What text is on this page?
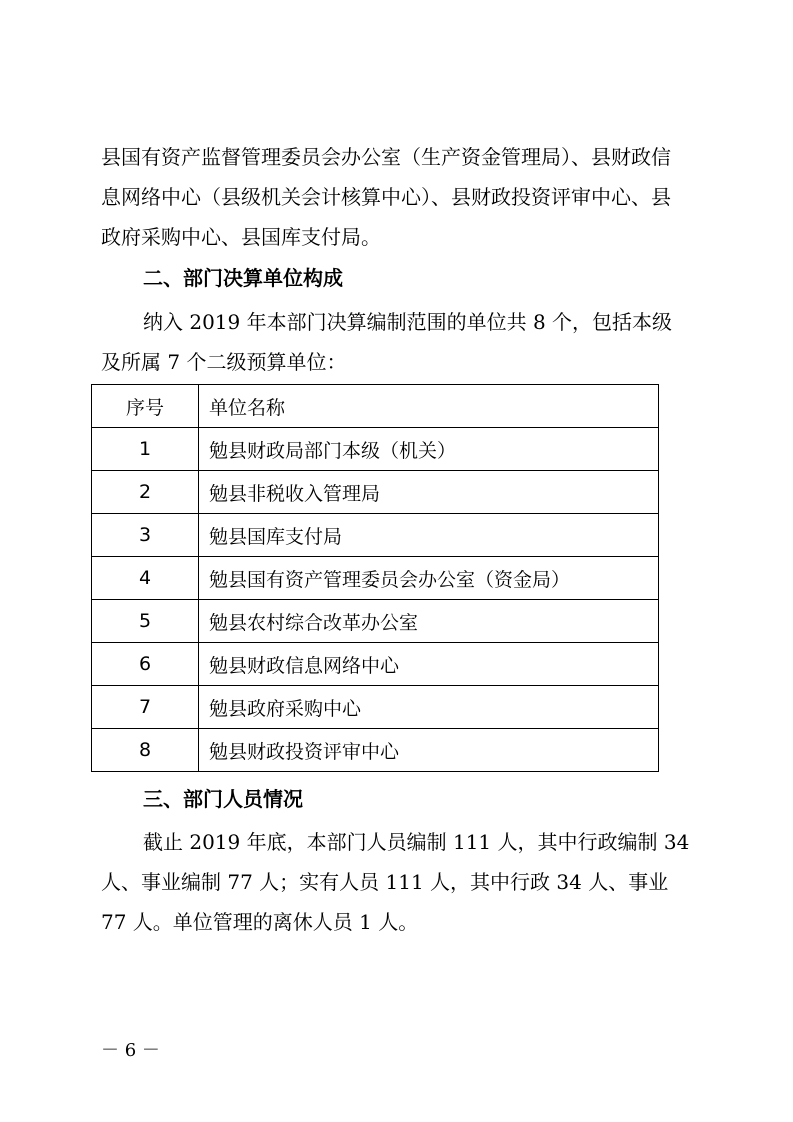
县国有资产监督管理委员会办公室（生产资金管理局）、县财政信
息网络中心（县级机关会计核算中心）、县财政投资评审中心、县
政府采购中心、县国库支付局。
二、部门决算单位构成
纳入 2019 年本部门决算编制范围的单位共 8 个，包括本级
及所属 7 个二级预算单位：
序号	单位名称
1	勉县财政局部门本级（机关）
2	勉县非税收入管理局
3	勉县国库支付局
4	勉县国有资产管理委员会办公室（资金局）
5	勉县农村综合改革办公室
6	勉县财政信息网络中心
7	勉县政府采购中心
8	勉县财政投资评审中心
三、部门人员情况
截止 2019 年底，本部门人员编制 111 人，其中行政编制 34
人、事业编制 77 人；实有人员 111 人，其中行政 34 人、事业
77 人。单位管理的离休人员 1 人。
－ 6 －
